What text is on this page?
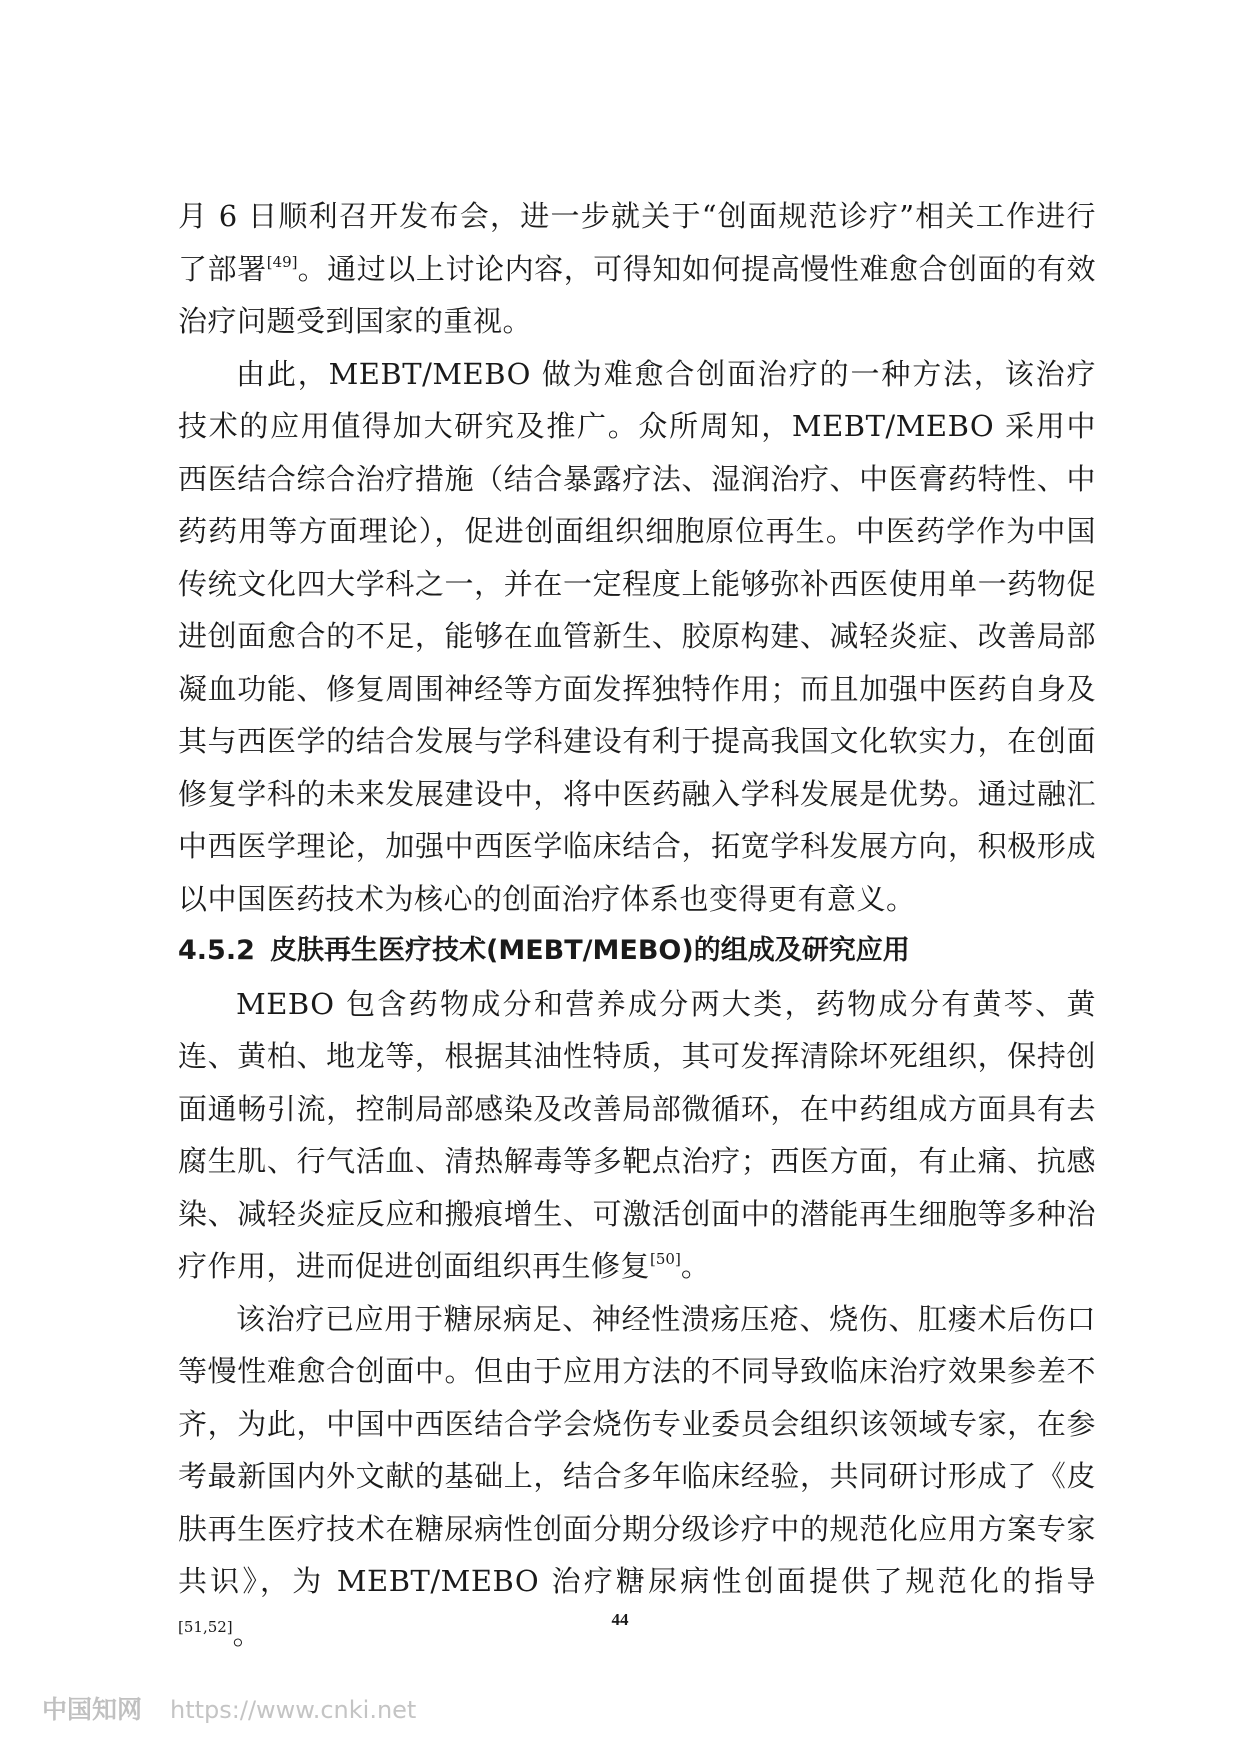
月 6 日顺利召开发布会，进一步就关于“创面规范诊疗”相关工作进行了部署[49]。通过以上讨论内容，可得知如何提高慢性难愈合创面的有效治疗问题受到国家的重视。

由此，MEBT/MEBO 做为难愈合创面治疗的一种方法，该治疗技术的应用值得加大研究及推广。众所周知，MEBT/MEBO 采用中西医结合综合治疗措施（结合暴露疗法、湿润治疗、中医膏药特性、中药药用等方面理论），促进创面组织细胞原位再生。中医药学作为中国传统文化四大学科之一，并在一定程度上能够弥补西医使用单一药物促进创面愈合的不足，能够在血管新生、胶原构建、减轻炎症、改善局部凝血功能、修复周围神经等方面发挥独特作用；而且加强中医药自身及其与西医学的结合发展与学科建设有利于提高我国文化软实力，在创面修复学科的未来发展建设中，将中医药融入学科发展是优势。通过融汇中西医学理论，加强中西医学临床结合，拓宽学科发展方向，积极形成以中国医药技术为核心的创面治疗体系也变得更有意义。

4.5.2 皮肤再生医疗技术(MEBT/MEBO)的组成及研究应用

MEBO 包含药物成分和营养成分两大类，药物成分有黄芩、黄连、黄柏、地龙等，根据其油性特质，其可发挥清除坏死组织，保持创面通畅引流，控制局部感染及改善局部微循环，在中药组成方面具有去腐生肌、行气活血、清热解毒等多靶点治疗；西医方面，有止痛、抗感染、减轻炎症反应和搬痕增生、可激活创面中的潜能再生细胞等多种治疗作用，进而促进创面组织再生修复[50]。

该治疗已应用于糖尿病足、神经性溃疡压疮、烧伤、肛瘘术后伤口等慢性难愈合创面中。但由于应用方法的不同导致临床治疗效果参差不齐，为此，中国中西医结合学会烧伤专业委员会组织该领域专家，在参考最新国内外文献的基础上，结合多年临床经验，共同研讨形成了《皮肤再生医疗技术在糖尿病性创面分期分级诊疗中的规范化应用方案专家共识》，为 MEBT/MEBO 治疗糖尿病性创面提供了规范化的指导[51,52]。	44
中国知网 https://www.cnki.net
